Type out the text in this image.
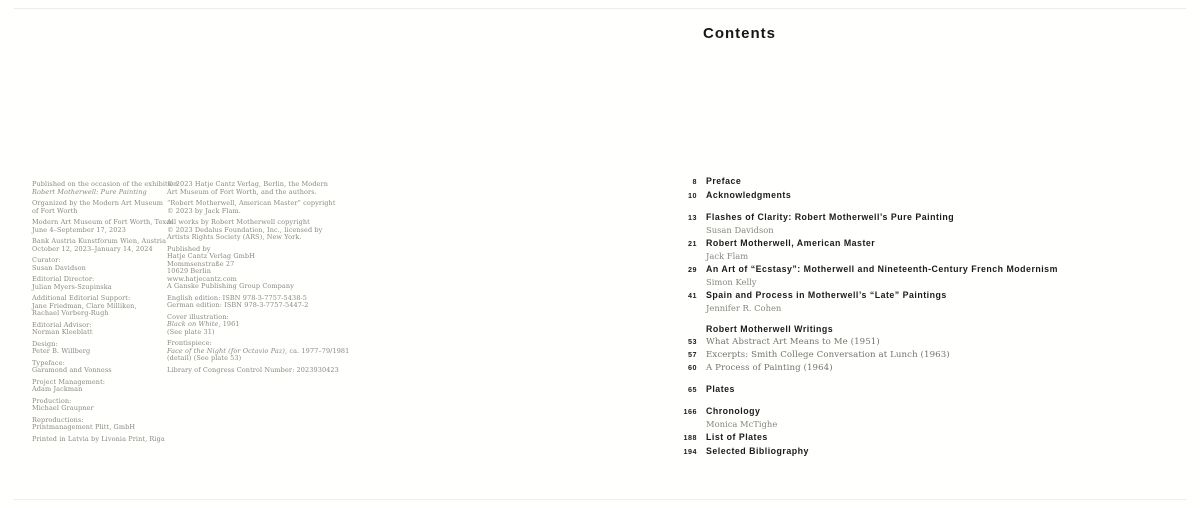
Published on the occasion of the exhibition
Robert Motherwell: Pure Painting
Organized by the Modern Art Museum
of Fort Worth
Modern Art Museum of Fort Worth, Texas
June 4–September 17, 2023
Bank Austria Kunstforum Wien, Austria
October 12, 2023–January 14, 2024
Curator:
Susan Davidson
Editorial Director:
Julian Myers-Szupinska
Additional Editorial Support:
Jane Friedman, Clare Milliken,
Rachael Vorberg-Rugh
Editorial Advisor:
Norman Kleeblatt
Design:
Peter B. Willberg
Typeface:
Garamond and Vonness
Project Management:
Adam Jackman
Production:
Michael Graupner
Reproductions:
Printmanagement Plitt, GmbH
Printed in Latvia by Livonia Print, Riga
© 2023 Hatje Cantz Verlag, Berlin, the Modern
Art Museum of Fort Worth, and the authors.
“Robert Motherwell, American Master” copyright
© 2023 by Jack Flam.
All works by Robert Motherwell copyright
© 2023 Dedalus Foundation, Inc., licensed by
Artists Rights Society (ARS), New York.
Published by
Hatje Cantz Verlag GmbH
Mommsenstraße 27
10629 Berlin
www.hatjecantz.com
A Ganske Publishing Group Company
English edition: ISBN 978-3-7757-5438-5
German edition: ISBN 978-3-7757-5447-2
Cover illustration:
Black on White, 1961
(See plate 31)
Frontispiece:
Face of the Night (for Octavio Paz), ca. 1977–79/1981
(detail) (See plate 53)
Library of Congress Control Number: 2023930423
Contents
8 Preface
10 Acknowledgments
13 Flashes of Clarity: Robert Motherwell’s Pure Painting
Susan Davidson
21 Robert Motherwell, American Master
Jack Flam
29 An Art of “Ecstasy”: Motherwell and Nineteenth-Century French Modernism
Simon Kelly
41 Spain and Process in Motherwell’s “Late” Paintings
Jennifer R. Cohen
Robert Motherwell Writings
53 What Abstract Art Means to Me (1951)
57 Excerpts: Smith College Conversation at Lunch (1963)
60 A Process of Painting (1964)
65 Plates
166 Chronology
Monica McTighe
188 List of Plates
194 Selected Bibliography
